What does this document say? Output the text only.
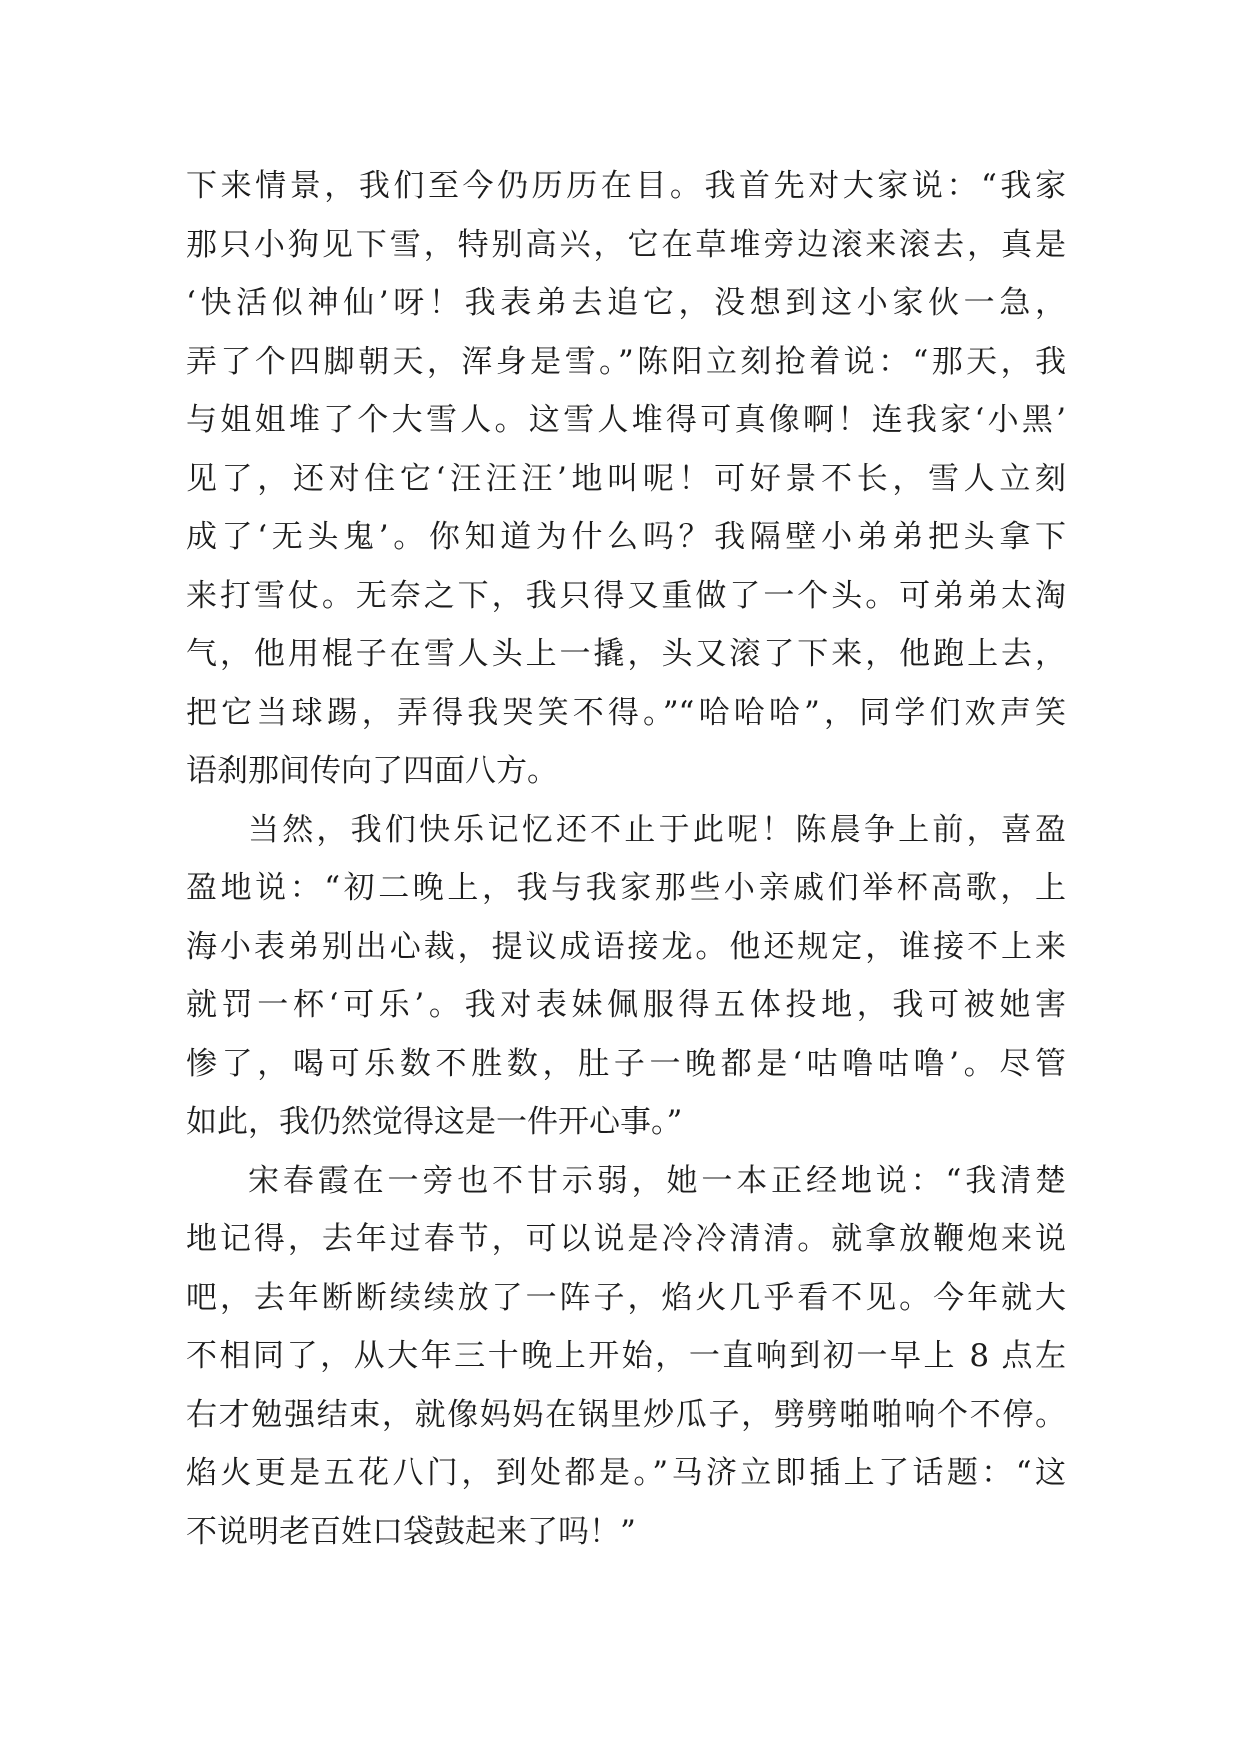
下来情景，我们至今仍历历在目。我首先对大家说：“我家
那只小狗见下雪，特别高兴，它在草堆旁边滚来滚去，真是
‘快活似神仙’呀！我表弟去追它，没想到这小家伙一急，
弄了个四脚朝天，浑身是雪。”陈阳立刻抢着说：“那天，我
与姐姐堆了个大雪人。这雪人堆得可真像啊！连我家‘小黑’
见了，还对住它‘汪汪汪’地叫呢！可好景不长，雪人立刻
成了‘无头鬼’。你知道为什么吗？我隔壁小弟弟把头拿下
来打雪仗。无奈之下，我只得又重做了一个头。可弟弟太淘
气，他用棍子在雪人头上一撬，头又滚了下来，他跑上去，
把它当球踢，弄得我哭笑不得。”“哈哈哈”，同学们欢声笑
语刹那间传向了四面八方。
当然，我们快乐记忆还不止于此呢！陈晨争上前，喜盈
盈地说：“初二晚上，我与我家那些小亲戚们举杯高歌，上
海小表弟别出心裁，提议成语接龙。他还规定，谁接不上来
就罚一杯‘可乐’。我对表妹佩服得五体投地，我可被她害
惨了，喝可乐数不胜数，肚子一晚都是‘咕噜咕噜’。尽管
如此，我仍然觉得这是一件开心事。”
宋春霞在一旁也不甘示弱，她一本正经地说：“我清楚
地记得，去年过春节，可以说是冷冷清清。就拿放鞭炮来说
吧，去年断断续续放了一阵子，焰火几乎看不见。今年就大
不相同了，从大年三十晚上开始，一直响到初一早上 8 点左
右才勉强结束，就像妈妈在锅里炒瓜子，劈劈啪啪响个不停。
焰火更是五花八门，到处都是。”马济立即插上了话题：“这
不说明老百姓口袋鼓起来了吗！”
